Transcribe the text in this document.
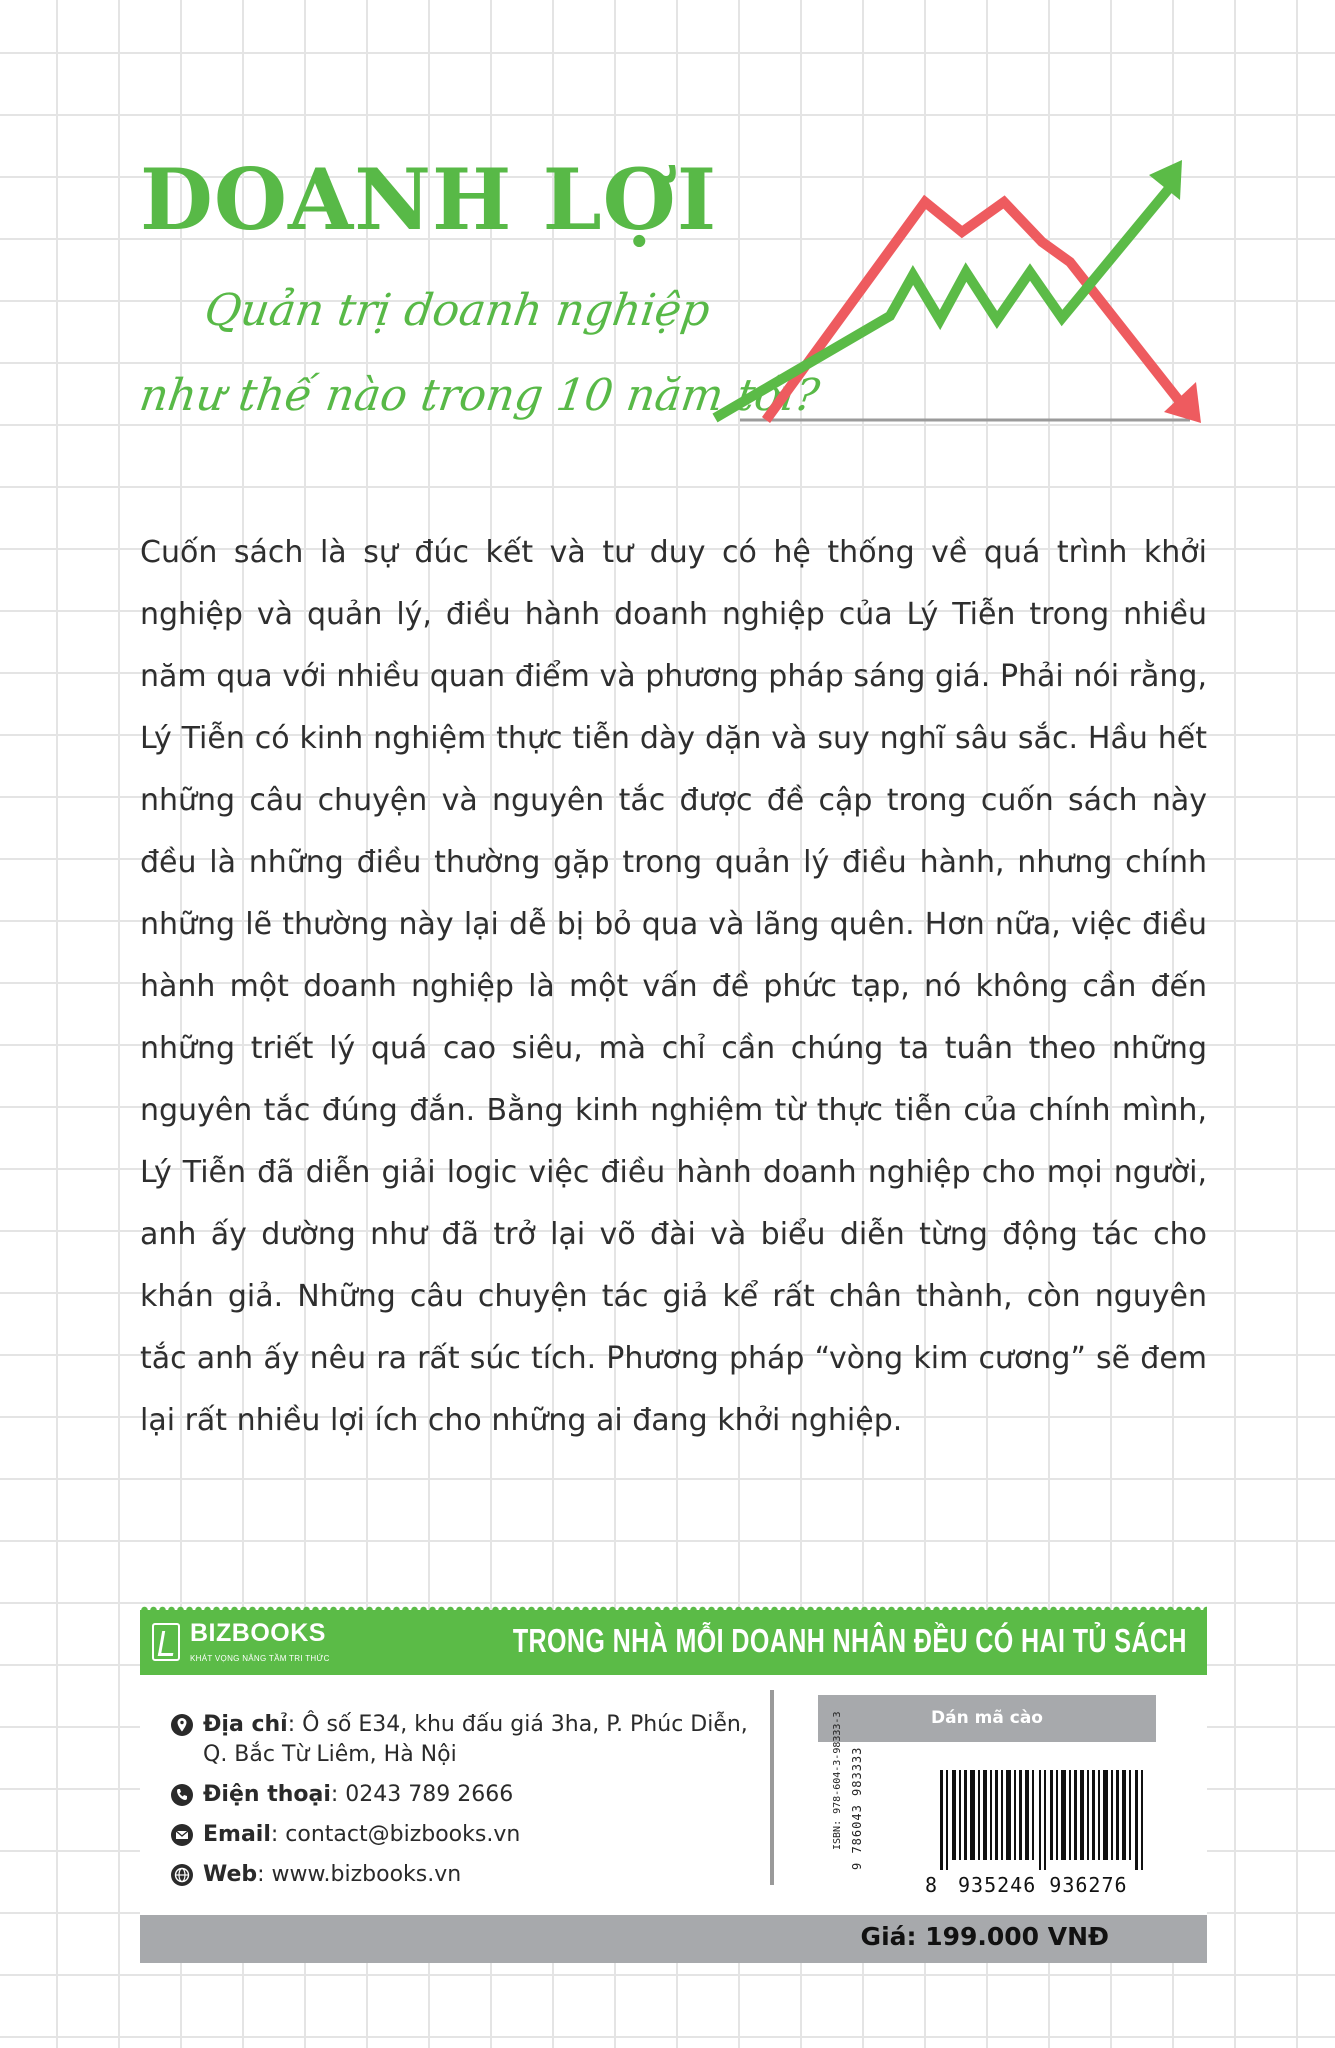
DOANH LỢI
Quản trị doanh nghiệp
như thế nào trong 10 năm tới?

Cuốn sách là sự đúc kết và tư duy có hệ thống về quá trình khởi nghiệp và quản lý, điều hành doanh nghiệp của Lý Tiễn trong nhiều năm qua với nhiều quan điểm và phương pháp sáng giá. Phải nói rằng, Lý Tiễn có kinh nghiệm thực tiễn dày dặn và suy nghĩ sâu sắc. Hầu hết những câu chuyện và nguyên tắc được đề cập trong cuốn sách này đều là những điều thường gặp trong quản lý điều hành, nhưng chính những lẽ thường này lại dễ bị bỏ qua và lãng quên. Hơn nữa, việc điều hành một doanh nghiệp là một vấn đề phức tạp, nó không cần đến những triết lý quá cao siêu, mà chỉ cần chúng ta tuân theo những nguyên tắc đúng đắn. Bằng kinh nghiệm từ thực tiễn của chính mình, Lý Tiễn đã diễn giải logic việc điều hành doanh nghiệp cho mọi người, anh ấy dường như đã trở lại võ đài và biểu diễn từng động tác cho khán giả. Những câu chuyện tác giả kể rất chân thành, còn nguyên tắc anh ấy nêu ra rất súc tích. Phương pháp “vòng kim cương” sẽ đem lại rất nhiều lợi ích cho những ai đang khởi nghiệp.

BIZBOOKS
KHÁT VỌNG NÂNG TẦM TRI THỨC	TRONG NHÀ MỖI DOANH NHÂN ĐỀU CÓ HAI TỦ SÁCH
Địa chỉ: Ô số E34, khu đấu giá 3ha, P. Phúc Diễn,
Q. Bắc Từ Liêm, Hà Nội
Điện thoại: 0243 789 2666
Email: contact@bizbooks.vn
Web: www.bizbooks.vn
Dán mã cào
ISBN: 978-604-3-98333-3 9 786043 983333
8 935246 936276
Giá: 199.000 VNĐ
